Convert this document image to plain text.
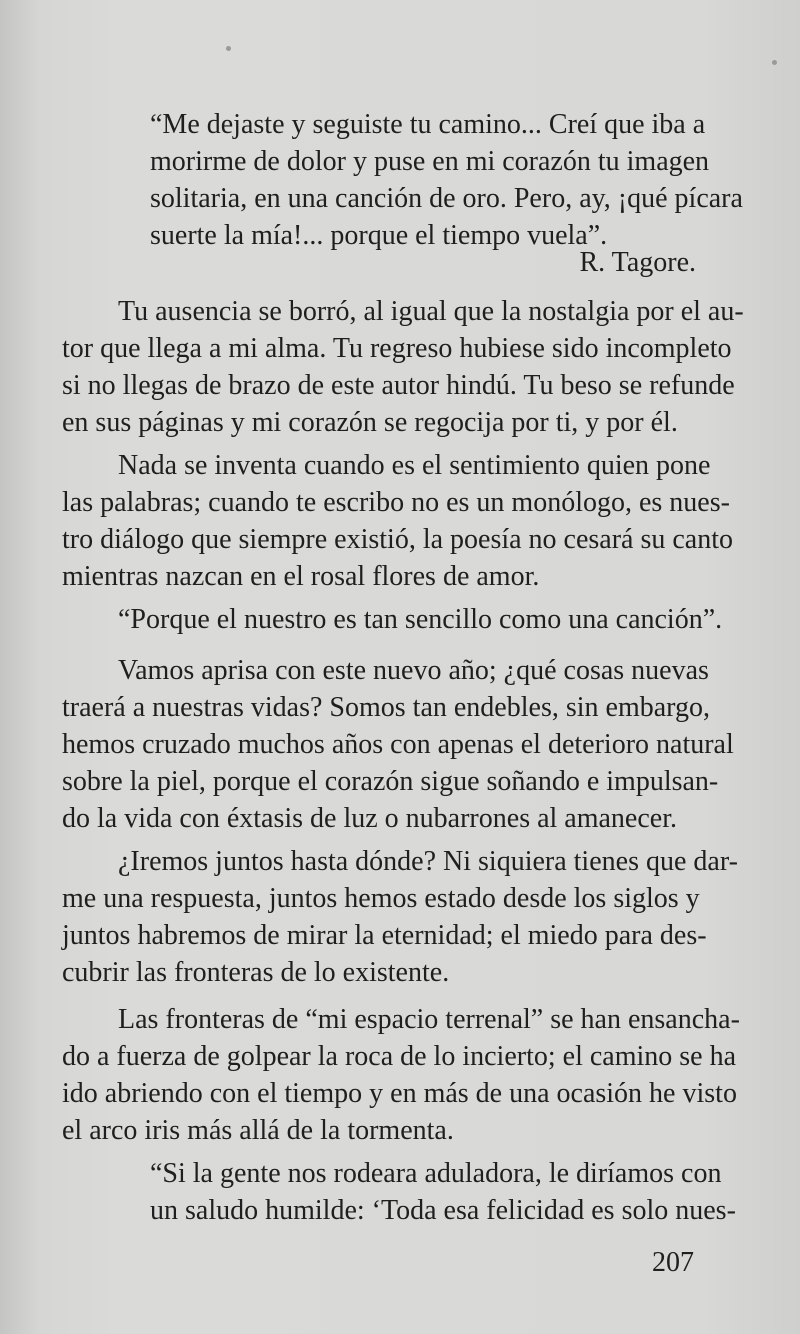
“Me dejaste y seguiste tu camino... Creí que iba a
morirme de dolor y puse en mi corazón tu imagen
solitaria, en una canción de oro. Pero, ay, ¡qué pícara
suerte la mía!... porque el tiempo vuela”.
R. Tagore.
Tu ausencia se borró, al igual que la nostalgia por el au-
tor que llega a mi alma. Tu regreso hubiese sido incompleto
si no llegas de brazo de este autor hindú. Tu beso se refunde
en sus páginas y mi corazón se regocija por ti, y por él.
Nada se inventa cuando es el sentimiento quien pone
las palabras; cuando te escribo no es un monólogo, es nues-
tro diálogo que siempre existió, la poesía no cesará su canto
mientras nazcan en el rosal flores de amor.
“Porque el nuestro es tan sencillo como una canción”.
Vamos aprisa con este nuevo año; ¿qué cosas nuevas
traerá a nuestras vidas? Somos tan endebles, sin embargo,
hemos cruzado muchos años con apenas el deterioro natural
sobre la piel, porque el corazón sigue soñando e impulsan-
do la vida con éxtasis de luz o nubarrones al amanecer.
¿Iremos juntos hasta dónde? Ni siquiera tienes que dar-
me una respuesta, juntos hemos estado desde los siglos y
juntos habremos de mirar la eternidad; el miedo para des-
cubrir las fronteras de lo existente.
Las fronteras de “mi espacio terrenal” se han ensancha-
do a fuerza de golpear la roca de lo incierto; el camino se ha
ido abriendo con el tiempo y en más de una ocasión he visto
el arco iris más allá de la tormenta.
“Si la gente nos rodeara aduladora, le diríamos con
un saludo humilde: ‘Toda esa felicidad es solo nues-
207
